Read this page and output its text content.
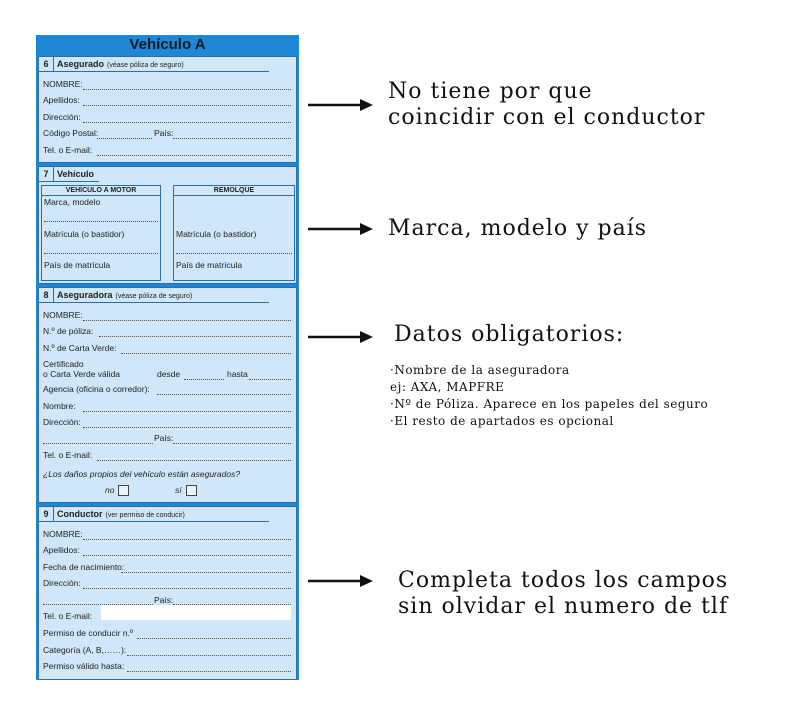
Vehículo A
6 Asegurado (véase póliza de seguro)
NOMBRE:
Apellidos:
Dirección:
Código Postal:	País:
Tel. o E-mail:
7 Vehículo
VEHÍCULO A MOTOR
Marca, modelo
Matrícula (o bastidor)
País de matrícula
REMOLQUE
Matrícula (o bastidor)
País de matrícula
8 Aseguradora (véase póliza de seguro)
NOMBRE:
N.º de póliza:
N.º de Carta Verde:
Certificado
o Carta Verde válida	desde	hasta
Agencia (oficina o corredor):
Nombre:
Dirección:
País:
Tel. o E-mail:
¿Los daños propios del vehículo están asegurados?
no	sí
9 Conductor (ver permiso de conducir)
NOMBRE:
Apellidos:
Fecha de nacimiento:
Dirección:
País:
Tel. o E-mail:
Permiso de conducir n.º
Categoría (A, B,……):
Permiso válido hasta:
No tiene por que
coincidir con el conductor
Marca, modelo y país
Datos obligatorios:
·Nombre de la aseguradora
ej: AXA, MAPFRE
·Nº de Póliza. Aparece en los papeles del seguro
·El resto de apartados es opcional
Completa todos los campos
sin olvidar el numero de tlf
